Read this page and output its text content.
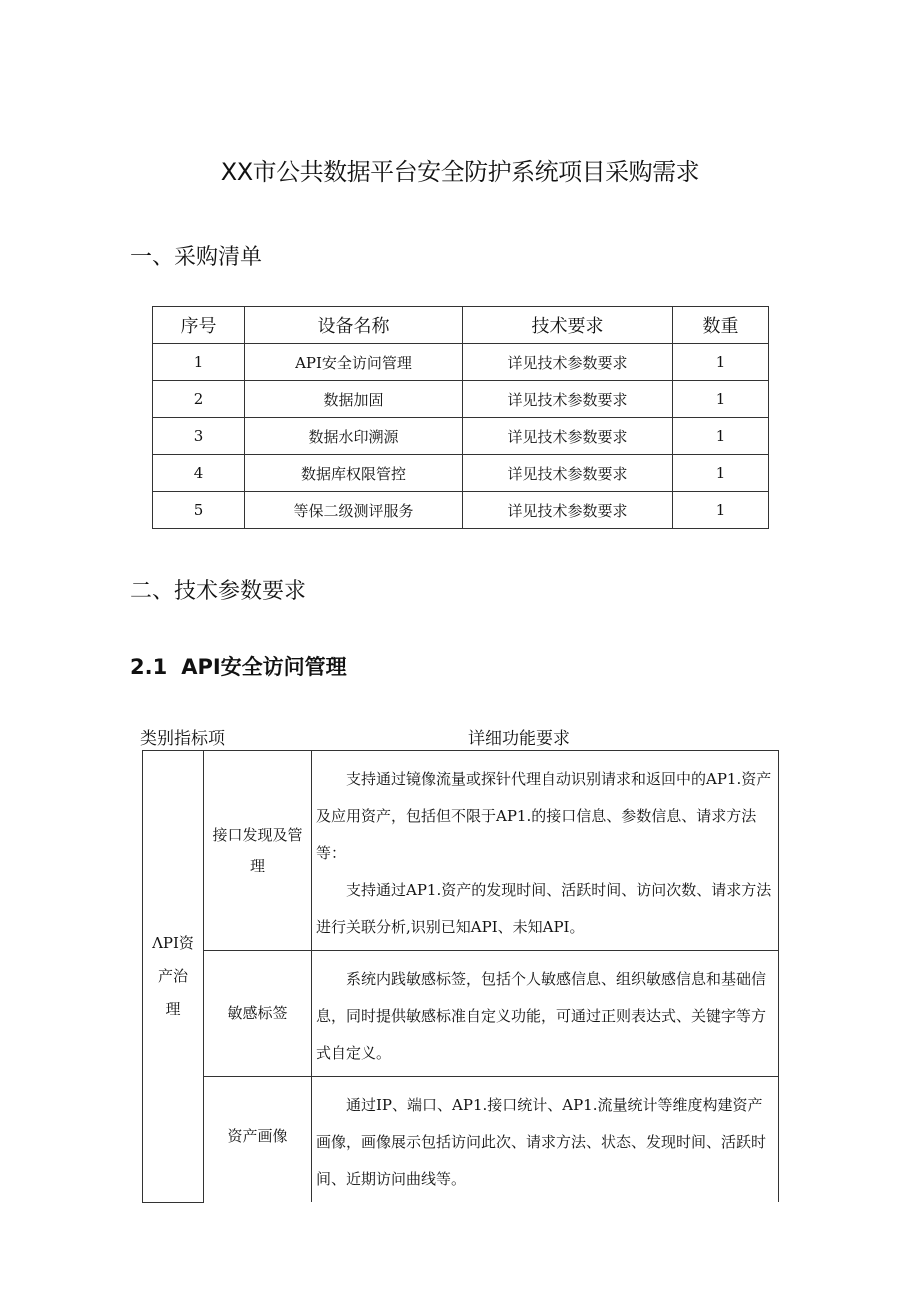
XX市公共数据平台安全防护系统项目采购需求
一、采购清单
序号	设备名称	技术要求	数重
1	API安全访问管理	详见技术参数要求	1
2	数据加固	详见技术参数要求	1
3	数据水印溯源	详见技术参数要求	1
4	数据库权限管控	详见技术参数要求	1
5	等保二级测评服务	详见技术参数要求	1
二、技术参数要求
2.1 API安全访问管理
类别指标项	详细功能要求
ΛPI资产治理	接口发现及管理	支持通过镜像流量或探针代理自动识别请求和返回中的AP1.资产及应用资产，包括但不限于AP1.的接口信息、参数信息、请求方法等：

支持通过AP1.资产的发现时间、活跃时间、访问次数、请求方法进行关联分析,识别已知API、未知API。

	敏感标签	系统内践敏感标签，包括个人敏感信息、组织敏感信息和基础信息，同时提供敏感标准自定义功能，可通过正则表达式、关键字等方式自定义。

	资产画像	通过IP、端口、AP1.接口统计、AP1.流量统计等维度构建资产画像，画像展示包括访问此次、请求方法、状态、发现时间、活跃时间、近期访问曲线等。
